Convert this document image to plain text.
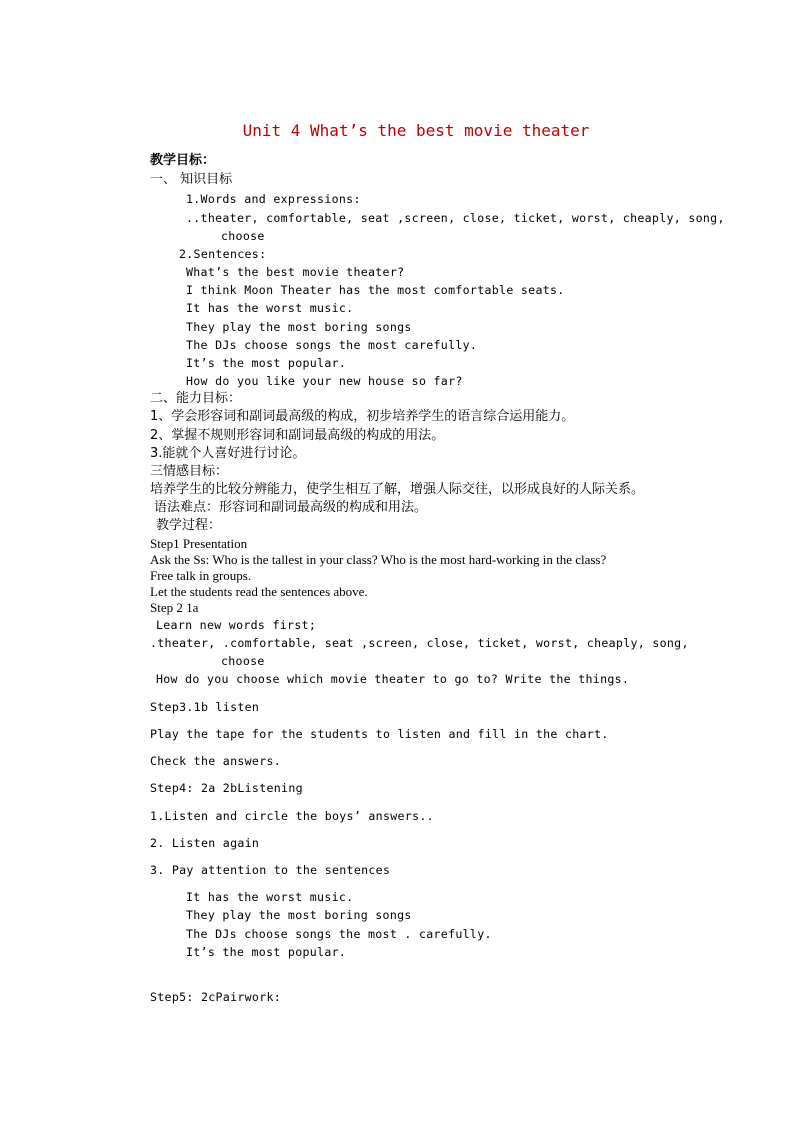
Unit 4 What’s the best movie theater
教学目标：
一、 知识目标
1.Words and expressions:
..theater, comfortable, seat ,screen, close, ticket, worst, cheaply, song,
choose
2.Sentences:
What’s the best movie theater?
I think Moon Theater has the most comfortable seats.
It has the worst music.
They play the most boring songs
The DJs choose songs the most carefully.
It’s the most popular.
How do you like your new house so far?
二、能力目标：
1、学会形容词和副词最高级的构成，初步培养学生的语言综合运用能力。
2、掌握不规则形容词和副词最高级的构成的用法。
3.能就个人喜好进行讨论。
三情感目标：
培养学生的比较分辨能力，使学生相互了解，增强人际交往，以形成良好的人际关系。
语法难点：形容词和副词最高级的构成和用法。
教学过程：
Step1 Presentation
Ask the Ss: Who is the tallest in your class? Who is the most hard-working in the class?
Free talk in groups.
Let the students read the sentences above.
Step 2 1a
Learn new words first;
.theater, .comfortable, seat ,screen, close, ticket, worst, cheaply, song,
choose
How do you choose which movie theater to go to? Write the things.
Step3.1b listen
Play the tape for the students to listen and fill in the chart.
Check the answers.
Step4: 2a 2bListening
1.Listen and circle the boys’ answers..
2. Listen again
3. Pay attention to the sentences
It has the worst music.
They play the most boring songs
The DJs choose songs the most . carefully.
It’s the most popular.
Step5: 2cPairwork:
